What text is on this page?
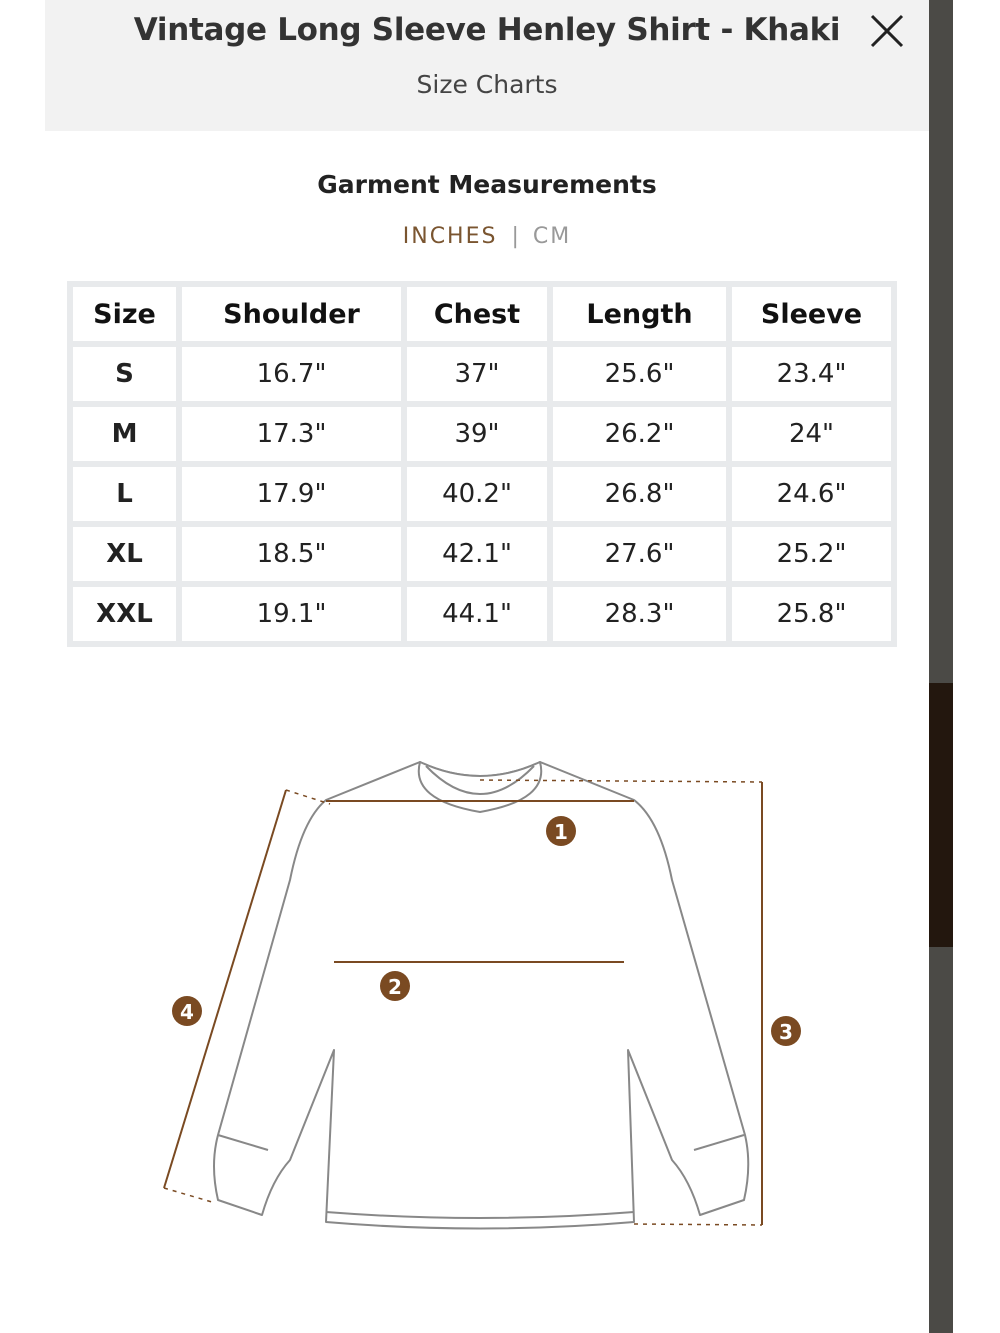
Vintage Long Sleeve Henley Shirt - Khaki
Size Charts
Garment Measurements
INCHES | CM
Size	Shoulder	Chest	Length	Sleeve
S	16.7"	37"	25.6"	23.4"
M	17.3"	39"	26.2"	24"
L	17.9"	40.2"	26.8"	24.6"
XL	18.5"	42.1"	27.6"	25.2"
XXL	19.1"	44.1"	28.3"	25.8"
1
2
3
4
